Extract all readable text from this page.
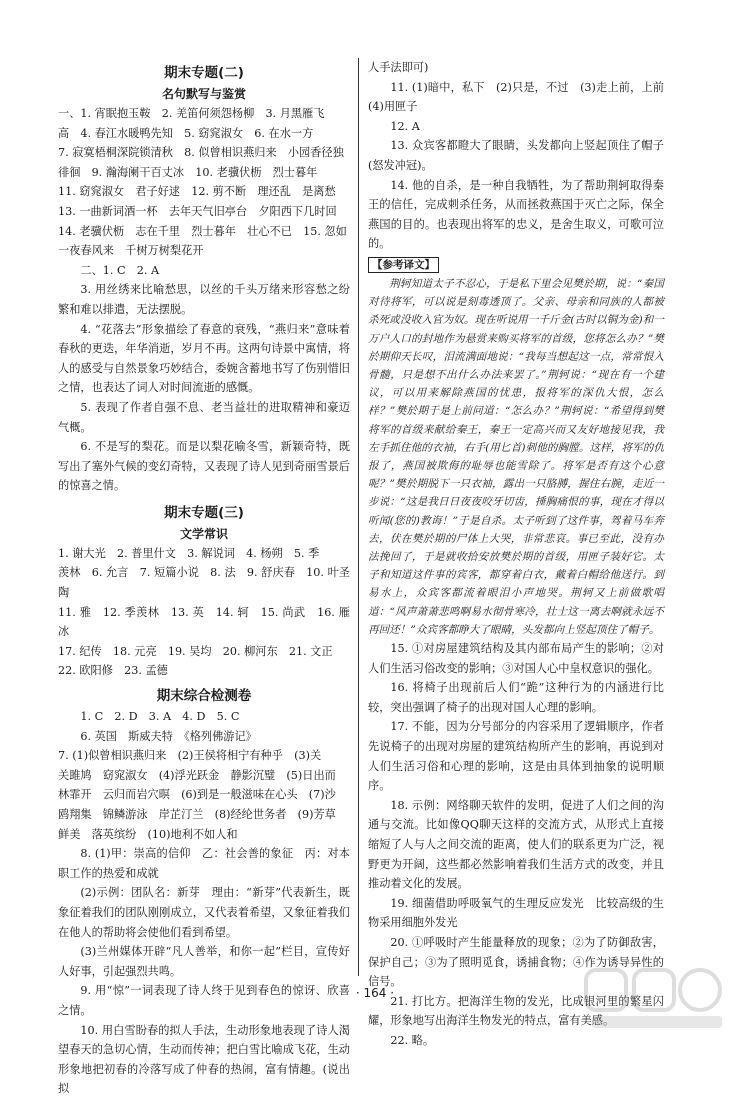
期末专题(二)
名句默写与鉴赏

一、1. 宵眠抱玉鞍　2. 羌笛何须怨杨柳　3. 月黑雁飞

高　4. 春江水暖鸭先知　5. 窈窕淑女　6. 在水一方

7. 寂寞梧桐深院锁清秋　8. 似曾相识燕归来　小园香径独

徘徊　9. 瀚海阑干百丈冰　10. 老骥伏枥　烈士暮年

11. 窈窕淑女　君子好逑　12. 剪不断　理还乱　是离愁

13. 一曲新词酒一杯　去年天气旧亭台　夕阳西下几时回

14. 老骥伏枥　志在千里　烈士暮年　壮心不已　15. 忽如

一夜春风来　千树万树梨花开

二、1. C　2. A

3. 用丝绣来比喻愁思，以丝的千头万绪来形容愁之纷繁和难以排遣，无法摆脱。

4. “花落去”形象描绘了春意的衰残，“燕归来”意味着春秋的更迭，年华消逝，岁月不再。这两句诗景中寓情，将人的感受与自然景象巧妙结合，委婉含蓄地书写了伤别惜旧之情，也表达了词人对时间流逝的感慨。

5. 表现了作者自强不息、老当益壮的进取精神和豪迈气概。

6. 不是写的梨花。而是以梨花喻冬雪，新颖奇特，既写出了塞外气候的变幻奇特，又表现了诗人见到奇丽雪景后的惊喜之情。

期末专题(三)
文学常识

1. 谢大光　2. 普里什文　3. 解说词　4. 杨朔　5. 季

羡林　6. 允言　7. 短篇小说　8. 法　9. 舒庆春　10. 叶圣陶

11. 雅　12. 季羡林　13. 英　14. 轲　15. 尚武　16. 雁冰

17. 纪传　18. 元亮　19. 吴均　20. 柳河东　21. 文正

22. 欧阳修　23. 孟德

期末综合检测卷

1. C　2. D　3. A　4. D　5. C

6. 英国　斯威夫特　《格列佛游记》

7. (1)似曾相识燕归来　(2)王侯将相宁有种乎　(3)关

关雎鸠　窈窕淑女　(4)浮光跃金　静影沉璧　(5)日出而

林霏开　云归而岩穴暝　(6)到是一般滋味在心头　(7)沙

鸥翔集　锦鳞游泳　岸芷汀兰　(8)经纶世务者　(9)芳草

鲜美　落英缤纷　(10)地利不如人和

8. (1)甲：崇高的信仰　乙：社会善的象征　丙：对本职工作的热爱和成就

(2)示例：团队名：新芽　理由：“新芽”代表新生，既象征着我们的团队刚刚成立，又代表着希望，又象征着我们在他人的帮助将会使他们看到希望。

(3)兰州媒体开辟“凡人善举，和你一起”栏目，宣传好人好事，引起强烈共鸣。

9. 用“惊”一词表现了诗人终于见到春色的惊讶、欣喜之情。

10. 用白雪盼春的拟人手法，生动形象地表现了诗人渴望春天的急切心情，生动而传神；把白雪比喻成飞花，生动形象地把初春的冷落写成了仲春的热闹，富有情趣。(说出拟

人手法即可)

11. (1)暗中，私下　(2)只是，不过　(3)走上前，上前　(4)用匣子

12. A

13. 众宾客都瞪大了眼睛，头发都向上竖起顶住了帽子(怒发冲冠)。

14. 他的自杀，是一种自我牺牲，为了帮助荆轲取得秦王的信任，完成刺杀任务，从而拯救燕国于灭亡之际，保全燕国的目的。也表现出将军的忠义，是舍生取义，可歌可泣的。

【参考译文】

荆轲知道太子不忍心，于是私下里会见樊於期，说：“秦国对待将军，可以说是刻毒透顶了。父亲、母亲和同族的人都被杀死或没收入官为奴。现在听说用一千斤金(古时以铜为金)和一万户人口的封地作为悬赏来购买将军的首级，您将怎么办？”樊於期仰天长叹，泪流满面地说：“我每当想起这一点，常常恨入骨髓，只是想不出什么办法来罢了。”荆轲说：“现在有一个建议，可以用来解除燕国的忧患，报将军的深仇大恨，怎么样？”樊於期于是上前问道：“怎么办？”荆轲说：“希望得到樊将军的首级来献给秦王，秦王一定高兴而又友好地接见我，我左手抓住他的衣袖，右手(用匕首)刺他的胸膛。这样，将军的仇报了，燕国被欺侮的耻辱也能雪除了。将军是否有这个心意呢？”樊於期脱下一只衣袖，露出一只胳膊，握住右腕，走近一步说：“这是我日日夜夜咬牙切齿，捶胸痛恨的事，现在才得以听闻(您的)教诲！”于是自杀。太子听到了这件事，驾着马车奔去，伏在樊於期的尸体上大哭，非常悲哀。事已至此，没有办法挽回了，于是就收拾安放樊於期的首级，用匣子装好它。太子和知道这件事的宾客，都穿着白衣，戴着白帽给他送行。到易水上，众宾客都流着眼泪小声地哭。荆轲又上前做歌唱道：“风声萧萧悲鸣啊易水彻骨寒冷，壮士这一离去啊就永远不再回还！”众宾客都睁大了眼睛，头发都向上竖起顶住了帽子。

15. ①对房屋建筑结构及其内部布局产生的影响；②对人们生活习俗改变的影响；③对国人心中皇权意识的强化。

16. 将椅子出现前后人们“跪”这种行为的内涵进行比较，突出强调了椅子的出现对国人心理的影响。

17. 不能，因为分号部分的内容采用了逻辑顺序，作者先说椅子的出现对房屋的建筑结构所产生的影响，再说到对人们生活习俗和心理的影响，这是由具体到抽象的说明顺序。

18. 示例：网络聊天软件的发明，促进了人们之间的沟通与交流。比如像QQ聊天这样的交流方式，从形式上直接缩短了人与人之间交流的距离，使人们的联系更为广泛，视野更为开阔，这些都必然影响着我们生活方式的改变，并且推动着文化的发展。

19. 细菌借助呼吸氧气的生理反应发光　比较高级的生物采用细胞外发光

20. ①呼吸时产生能量释放的现象；②为了防御敌害，保护自己；③为了照明觅食，诱捕食物；④作为诱导异性的信号。

21. 打比方。把海洋生物的发光，比成银河里的繁星闪耀，形象地写出海洋生物发光的特点，富有美感。

22. 略。

· 164 ·
